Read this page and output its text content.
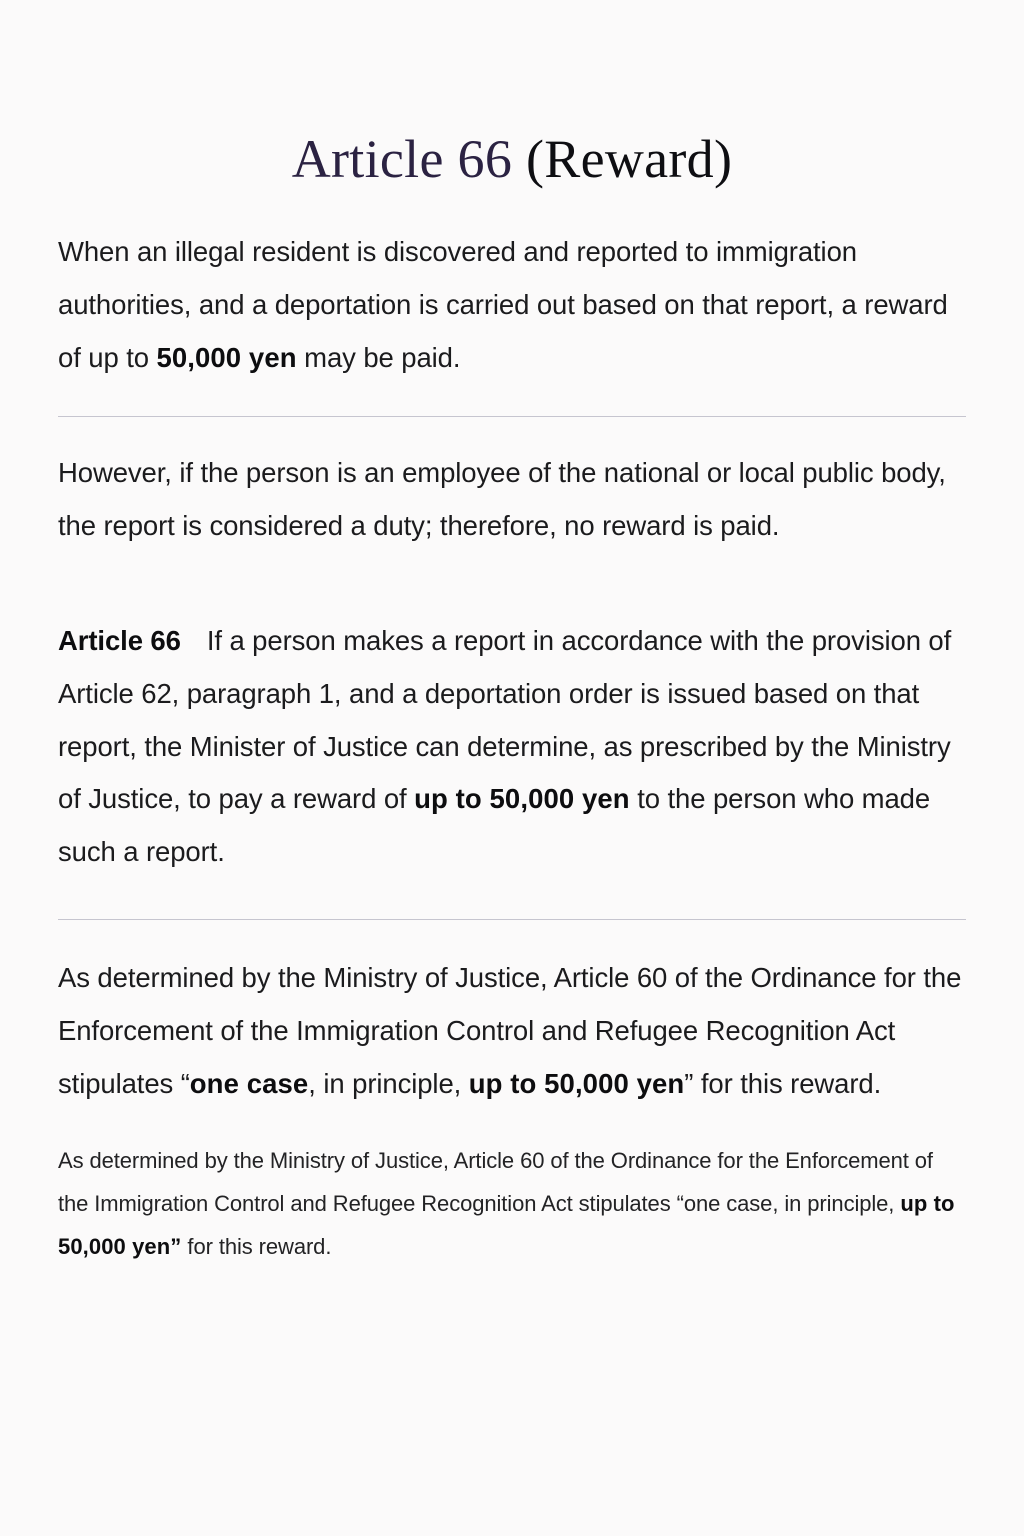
Article 66 (Reward)

When an illegal resident is discovered and reported to immigration authorities, and a deportation is carried out based on that report, a reward of up to 50,000 yen may be paid.

However, if the person is an employee of the national or local public body, the report is considered a duty; therefore, no reward is paid.

Article 66 If a person makes a report in accordance with the provision of Article 62, paragraph 1, and a deportation order is issued based on that report, the Minister of Justice can determine, as prescribed by the Ministry of Justice, to pay a reward of up to 50,000 yen to the person who made such a report.

As determined by the Ministry of Justice, Article 60 of the Ordinance for the Enforcement of the Immigration Control and Refugee Recognition Act stipulates “one case, in principle, up to 50,000 yen” for this reward.

As determined by the Ministry of Justice, Article 60 of the Ordinance for the Enforcement of the Immigration Control and Refugee Recognition Act stipulates “one case, in principle, up to 50,000 yen” for this reward.
